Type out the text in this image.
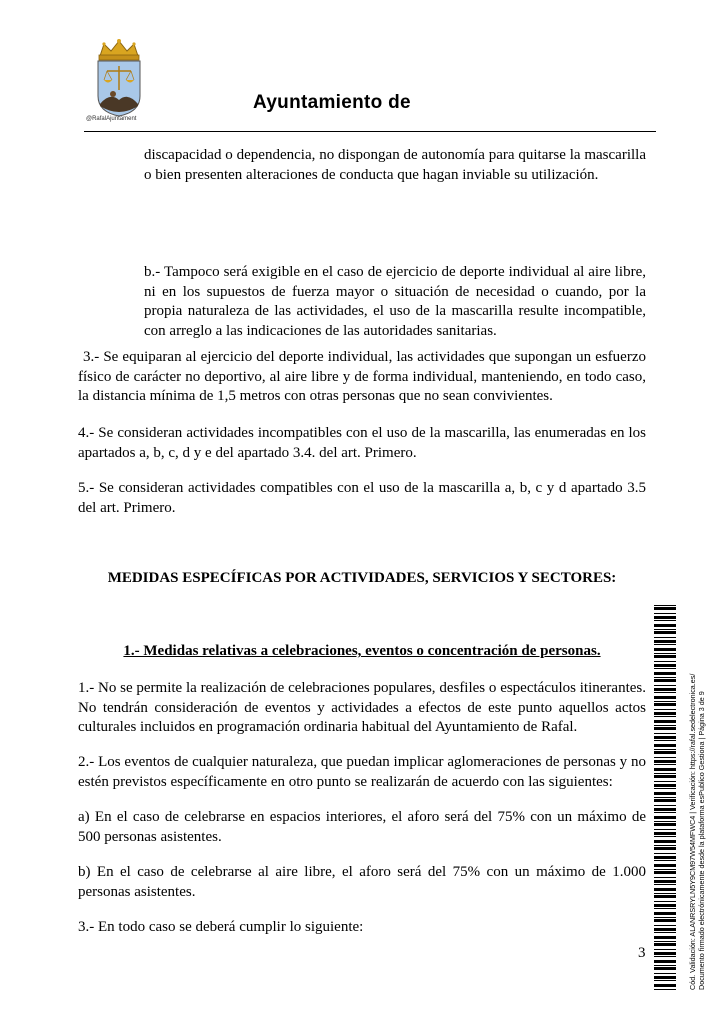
@RafalAjuntament
Ayuntamiento de

discapacidad o dependencia, no dispongan de autonomía para quitarse la mascarilla o bien presenten alteraciones de conducta que hagan inviable su utilización.

b.- Tampoco será exigible en el caso de ejercicio de deporte individual al aire libre, ni en los supuestos de fuerza mayor o situación de necesidad o cuando, por la propia naturaleza de las actividades, el uso de la mascarilla resulte incompatible, con arreglo a las indicaciones de las autoridades sanitarias.

3.- Se equiparan al ejercicio del deporte individual, las actividades que supongan un esfuerzo físico de carácter no deportivo, al aire libre y de forma individual, manteniendo, en todo caso, la distancia mínima de 1,5 metros con otras personas que no sean convivientes.

4.- Se consideran actividades incompatibles con el uso de la mascarilla, las enumeradas en los apartados a, b, c, d y e del apartado 3.4. del art. Primero.

5.- Se consideran actividades compatibles con el uso de la mascarilla a, b, c y d apartado 3.5 del art. Primero.

MEDIDAS ESPECÍFICAS POR ACTIVIDADES, SERVICIOS Y SECTORES:

1.- Medidas relativas a celebraciones, eventos o concentración de personas.

1.- No se permite la realización de celebraciones populares, desfiles o espectáculos itinerantes. No tendrán consideración de eventos y actividades a efectos de este punto aquellos actos culturales incluidos en programación ordinaria habitual del Ayuntamiento de Rafal.

2.- Los eventos de cualquier naturaleza, que puedan implicar aglomeraciones de personas y no estén previstos específicamente en otro punto se realizarán de acuerdo con las siguientes:

a) En el caso de celebrarse en espacios interiores, el aforo será del 75% con un máximo de 500 personas asistentes.

b) En el caso de celebrarse al aire libre, el aforo será del 75% con un máximo de 1.000 personas asistentes.

3.- En todo caso se deberá cumplir lo siguiente:

3	Cód. Validación: ALANRSRYLN5Y9CM97W54MFWC4 | Verificación: https://rafal.sedelectronica.es/ Documento firmado electrónicamente desde la plataforma esPublico Gestiona | Página 3 de 9
